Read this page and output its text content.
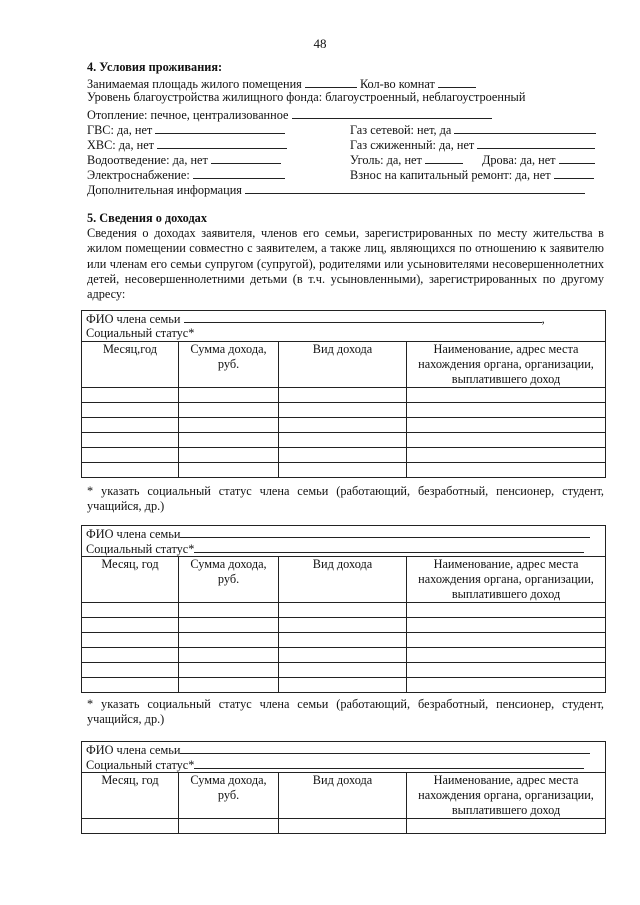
48
4. Условия проживания:
Занимаемая площадь жилого помещения	Кол-во комнат
Уровень благоустройства жилищного фонда: благоустроенный, неблагоустроенный
Отопление: печное, централизованное
ГВС: да, нет	Газ сетевой: нет, да
ХВС: да, нет	Газ сжиженный: да, нет
Водоотведение: да, нет	Уголь: да, нет	Дрова: да, нет
Электроснабжение:	Взнос на капитальный ремонт: да, нет
Дополнительная информация
5. Сведения о доходах
Сведения о доходах заявителя, членов его семьи, зарегистрированных по месту жительства в жилом помещении совместно с заявителем, а также лиц, являющихся по отношению к заявителю или членам его семьи супругом (супругой), родителями или усыновителями несовершеннолетних детей, несовершеннолетними детьми (в т.ч. усыновленными), зарегистрированных по другому адресу:
ФИО члена семьи ,
Социальный статус*			

Месяц,год	Сумма дохода, руб.	Вид дохода	Наименование, адрес места нахождения органа, организации, выплатившего доход

* указать социальный статус члена семьи (работающий, безработный, пенсионер, студент, учащийся, др.)
ФИО члена семьи
Социальный статус*			

Месяц, год	Сумма дохода, руб.	Вид дохода	Наименование, адрес места нахождения органа, организации, выплатившего доход

* указать социальный статус члена семьи (работающий, безработный, пенсионер, студент, учащийся, др.)
ФИО члена семьи
Социальный статус*			

Месяц, год	Сумма дохода, руб.	Вид дохода	Наименование, адрес места нахождения органа, организации, выплатившего доход
